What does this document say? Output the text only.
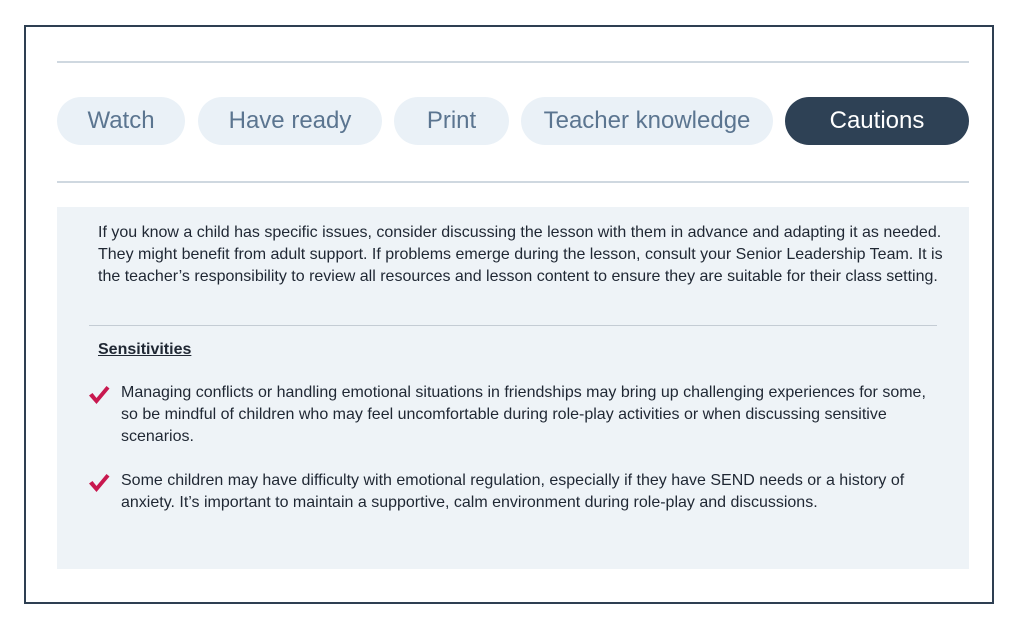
Watch	Have ready	Print	Teacher knowledge	Cautions

If you know a child has specific issues, consider discussing the lesson with them in advance and adapting it as needed. They might benefit from adult support. If problems emerge during the lesson, consult your Senior Leadership Team. It is the teacher’s responsibility to review all resources and lesson content to ensure they are suitable for their class setting.

Sensitivities
Managing conflicts or handling emotional situations in friendships may bring up challenging experiences for some, so be mindful of children who may feel uncomfortable during role-play activities or when discussing sensitive scenarios.
Some children may have difficulty with emotional regulation, especially if they have SEND needs or a history of anxiety. It’s important to maintain a supportive, calm environment during role-play and discussions.
